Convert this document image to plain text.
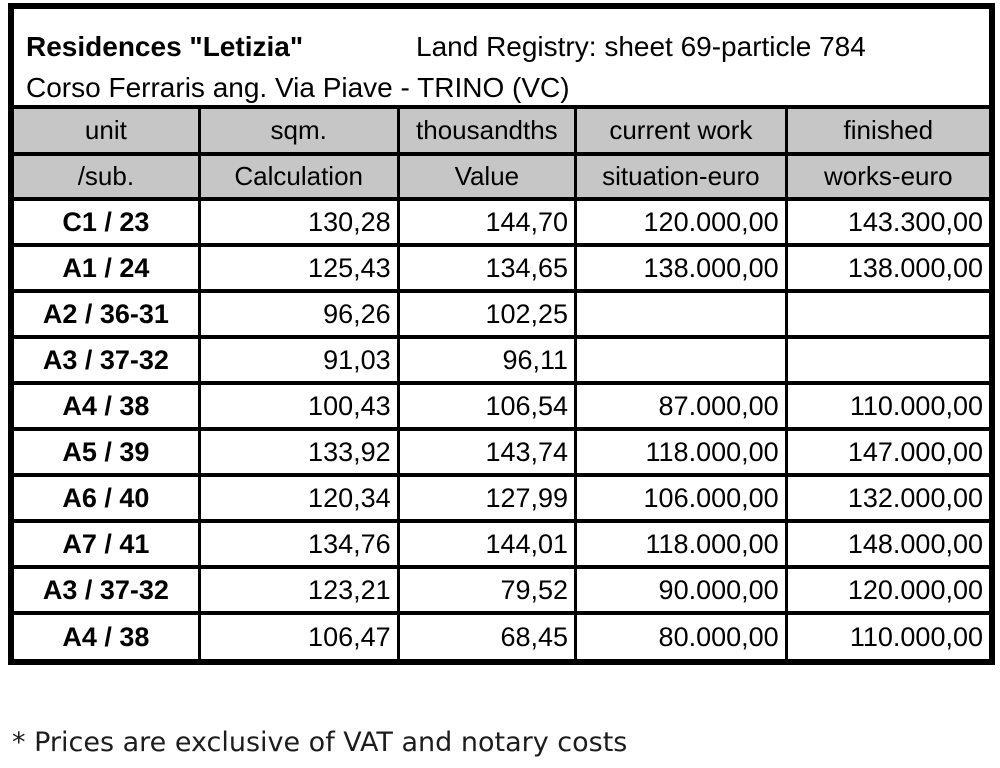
Residences "Letizia"	Land Registry: sheet 69-particle 784
Corso Ferraris ang. Via Piave - TRINO (VC)
unit	sqm.	thousandths	current work	finished
/sub.	Calculation	Value	situation-euro	works-euro
C1 / 23	130,28	144,70	120.000,00	143.300,00
A1 / 24	125,43	134,65	138.000,00	138.000,00
A2 / 36-31	96,26	102,25		
A3 / 37-32	91,03	96,11		
A4 / 38	100,43	106,54	87.000,00	110.000,00
A5 / 39	133,92	143,74	118.000,00	147.000,00
A6 / 40	120,34	127,99	106.000,00	132.000,00
A7 / 41	134,76	144,01	118.000,00	148.000,00
A3 / 37-32	123,21	79,52	90.000,00	120.000,00
A4 / 38	106,47	68,45	80.000,00	110.000,00
* Prices are exclusive of VAT and notary costs
